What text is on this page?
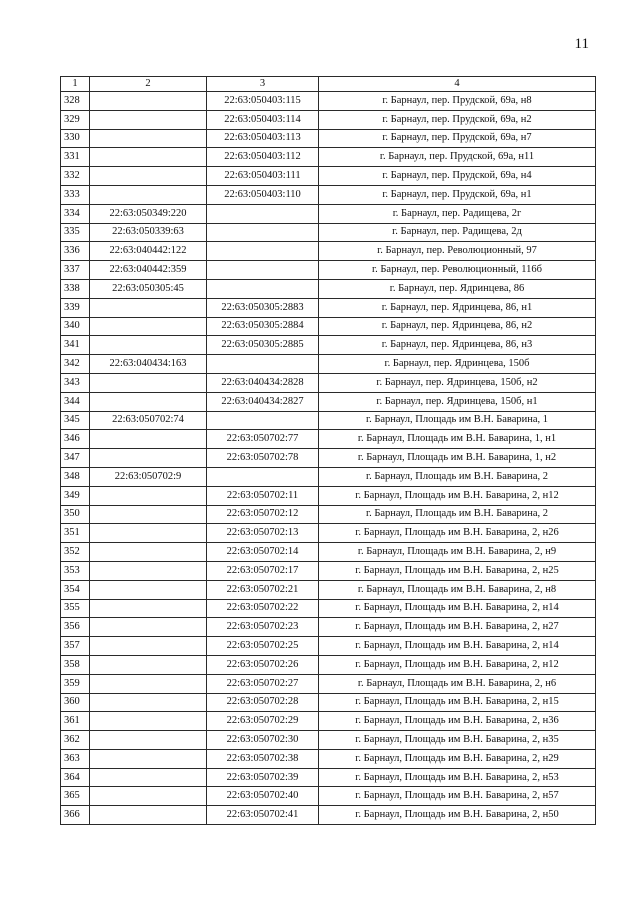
11
1	2	3	4
328		22:63:050403:115	г. Барнаул, пер. Прудской, 69а, н8
329		22:63:050403:114	г. Барнаул, пер. Прудской, 69а, н2
330		22:63:050403:113	г. Барнаул, пер. Прудской, 69а, н7
331		22:63:050403:112	г. Барнаул, пер. Прудской, 69а, н11
332		22:63:050403:111	г. Барнаул, пер. Прудской, 69а, н4
333		22:63:050403:110	г. Барнаул, пер. Прудской, 69а, н1
334	22:63:050349:220		г. Барнаул, пер. Радищева, 2г
335	22:63:050339:63		г. Барнаул, пер. Радищева, 2д
336	22:63:040442:122		г. Барнаул, пер. Революционный, 97
337	22:63:040442:359		г. Барнаул, пер. Революционный, 116б
338	22:63:050305:45		г. Барнаул, пер. Ядринцева, 86
339		22:63:050305:2883	г. Барнаул, пер. Ядринцева, 86, н1
340		22:63:050305:2884	г. Барнаул, пер. Ядринцева, 86, н2
341		22:63:050305:2885	г. Барнаул, пер. Ядринцева, 86, н3
342	22:63:040434:163		г. Барнаул, пер. Ядринцева, 150б
343		22:63:040434:2828	г. Барнаул, пер. Ядринцева, 150б, н2
344		22:63:040434:2827	г. Барнаул, пер. Ядринцева, 150б, н1
345	22:63:050702:74		г. Барнаул, Площадь им В.Н. Баварина, 1
346		22:63:050702:77	г. Барнаул, Площадь им В.Н. Баварина, 1, н1
347		22:63:050702:78	г. Барнаул, Площадь им В.Н. Баварина, 1, н2
348	22:63:050702:9		г. Барнаул, Площадь им В.Н. Баварина, 2
349		22:63:050702:11	г. Барнаул, Площадь им В.Н. Баварина, 2, н12
350		22:63:050702:12	г. Барнаул, Площадь им В.Н. Баварина, 2
351		22:63:050702:13	г. Барнаул, Площадь им В.Н. Баварина, 2, н26
352		22:63:050702:14	г. Барнаул, Площадь им В.Н. Баварина, 2, н9
353		22:63:050702:17	г. Барнаул, Площадь им В.Н. Баварина, 2, н25
354		22:63:050702:21	г. Барнаул, Площадь им В.Н. Баварина, 2, н8
355		22:63:050702:22	г. Барнаул, Площадь им В.Н. Баварина, 2, н14
356		22:63:050702:23	г. Барнаул, Площадь им В.Н. Баварина, 2, н27
357		22:63:050702:25	г. Барнаул, Площадь им В.Н. Баварина, 2, н14
358		22:63:050702:26	г. Барнаул, Площадь им В.Н. Баварина, 2, н12
359		22:63:050702:27	г. Барнаул, Площадь им В.Н. Баварина, 2, н6
360		22:63:050702:28	г. Барнаул, Площадь им В.Н. Баварина, 2, н15
361		22:63:050702:29	г. Барнаул, Площадь им В.Н. Баварина, 2, н36
362		22:63:050702:30	г. Барнаул, Площадь им В.Н. Баварина, 2, н35
363		22:63:050702:38	г. Барнаул, Площадь им В.Н. Баварина, 2, н29
364		22:63:050702:39	г. Барнаул, Площадь им В.Н. Баварина, 2, н53
365		22:63:050702:40	г. Барнаул, Площадь им В.Н. Баварина, 2, н57
366		22:63:050702:41	г. Барнаул, Площадь им В.Н. Баварина, 2, н50
